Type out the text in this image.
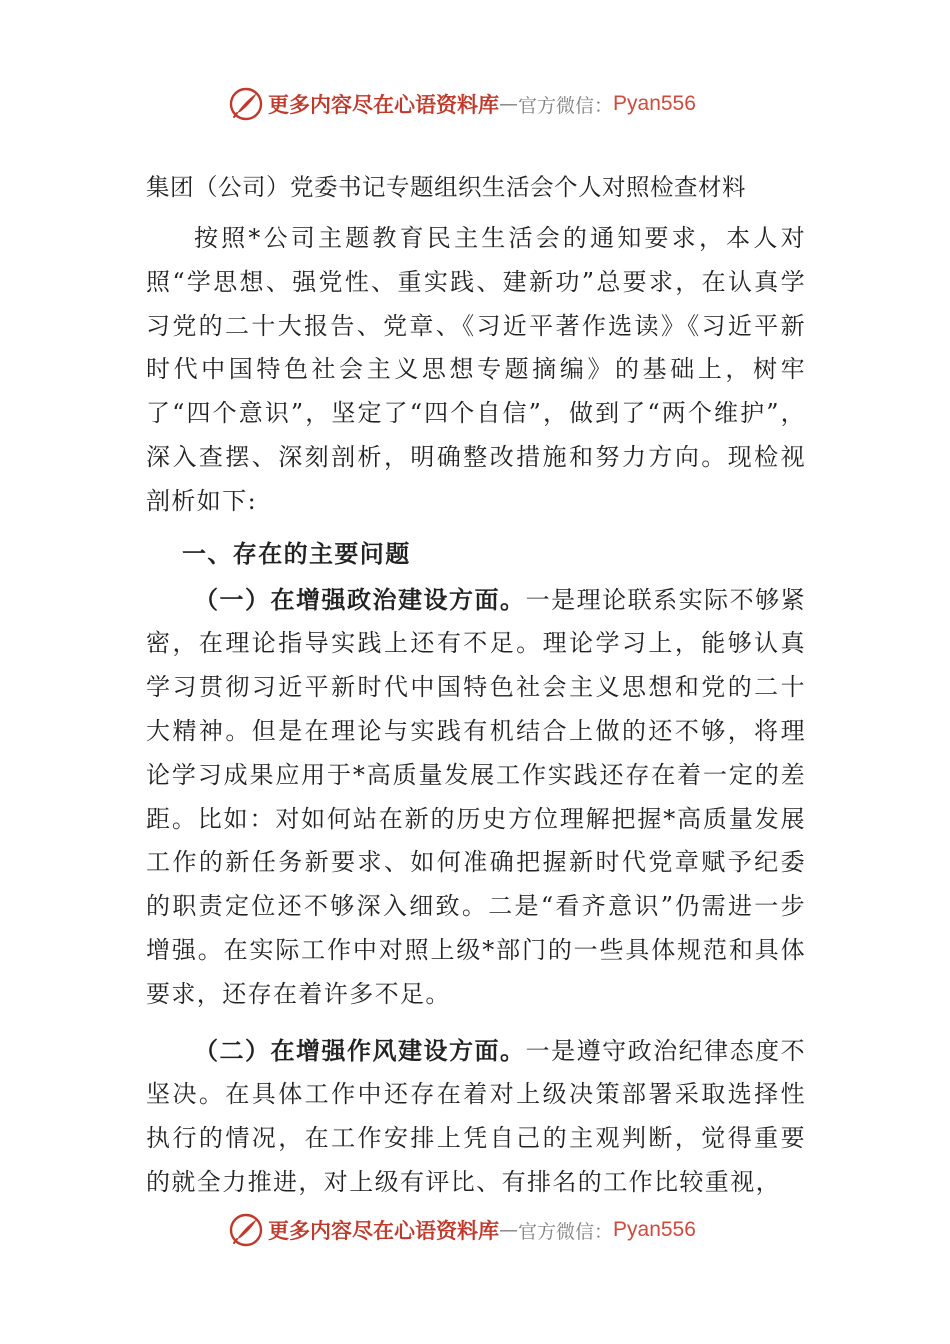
更多内容尽在心语资料库 — 官方微信： Pyan556
集团（公司）党委书记专题组织生活会个人对照检查材料

按照*公司主题教育民主生活会的通知要求，本人对照“学思想、强党性、重实践、建新功”总要求，在认真学习党的二十大报告、党章、《习近平著作选读》《习近平新时代中国特色社会主义思想专题摘编》的基础上，树牢了“四个意识”，坚定了“四个自信”，做到了“两个维护”，深入查摆、深刻剖析，明确整改措施和努力方向。现检视剖析如下:

一、存在的主要问题

（一）在增强政治建设方面。一是理论联系实际不够紧密，在理论指导实践上还有不足。理论学习上，能够认真学习贯彻习近平新时代中国特色社会主义思想和党的二十大精神。但是在理论与实践有机结合上做的还不够，将理论学习成果应用于*高质量发展工作实践还存在着一定的差距。比如：对如何站在新的历史方位理解把握*高质量发展工作的新任务新要求、如何准确把握新时代党章赋予纪委的职责定位还不够深入细致。二是“看齐意识”仍需进一步增强。在实际工作中对照上级*部门的一些具体规范和具体要求，还存在着许多不足。

（二）在增强作风建设方面。一是遵守政治纪律态度不坚决。在具体工作中还存在着对上级决策部署采取选择性执行的情况，在工作安排上凭自己的主观判断，觉得重要的就全力推进，对上级有评比、有排名的工作比较重视，

更多内容尽在心语资料库 — 官方微信： Pyan556
